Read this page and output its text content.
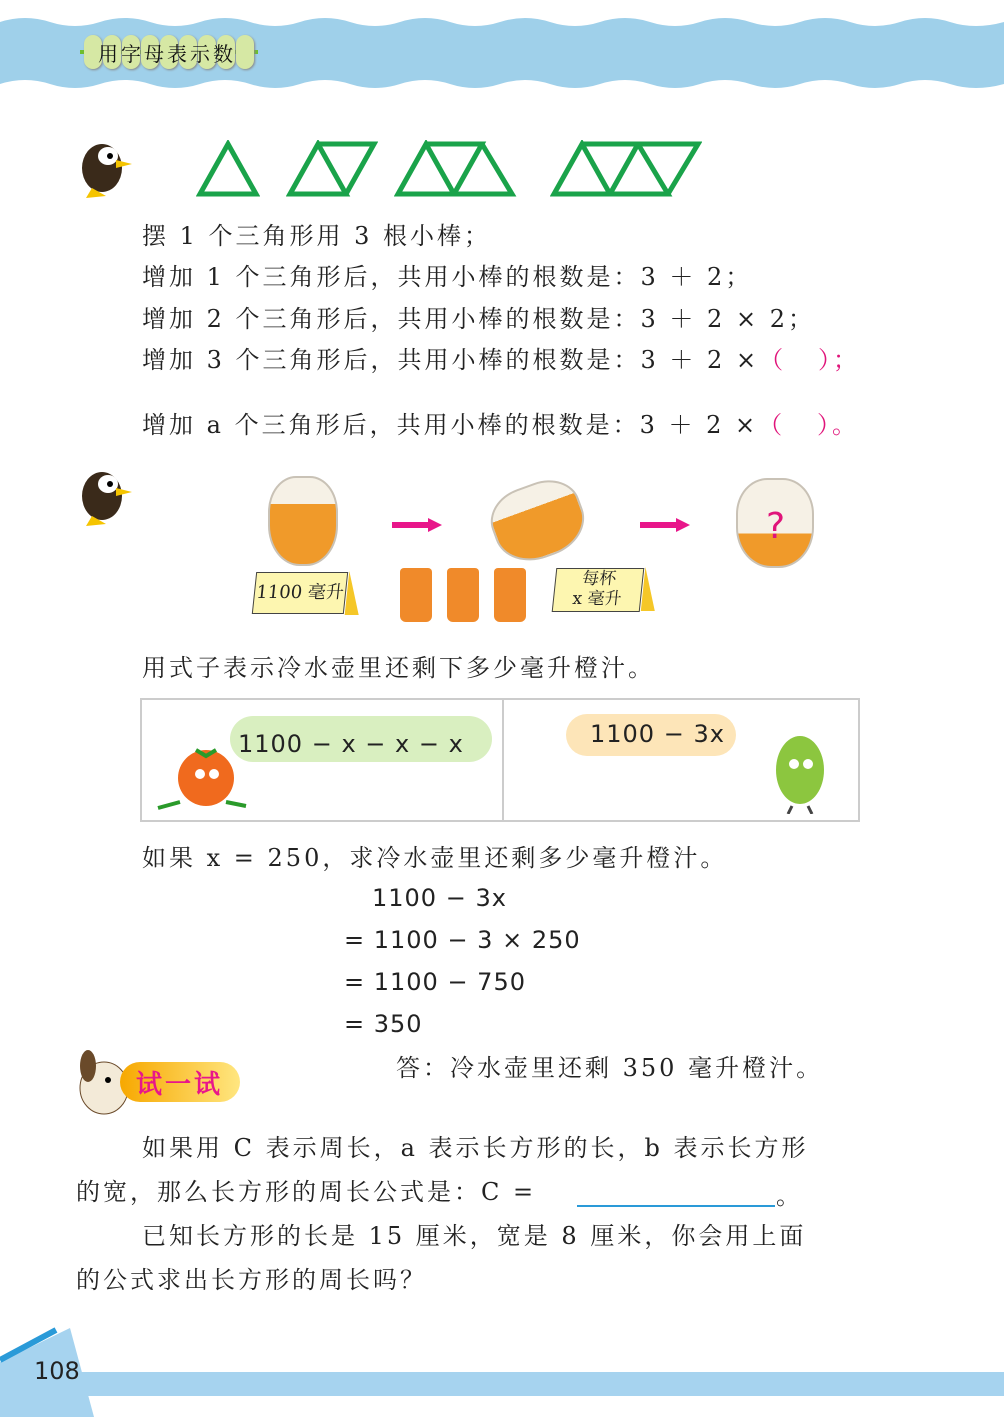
用字母表示数
摆 1 个三角形用 3 根小棒；
增加 1 个三角形后，共用小棒的根数是：3 ＋ 2；
增加 2 个三角形后，共用小棒的根数是：3 ＋ 2 × 2；
增加 3 个三角形后，共用小棒的根数是：3 ＋ 2 ×（ ）；
增加 a 个三角形后，共用小棒的根数是：3 ＋ 2 ×（ ）。
?
1100 毫升
每杯
x 毫升
用式子表示冷水壶里还剩下多少毫升橙汁。
1100 − x − x − x	1100 − 3x
如果 x = 250，求冷水壶里还剩多少毫升橙汁。
1100 − 3x
= 1100 − 3 × 250
= 1100 − 750
= 350
答：冷水壶里还剩 350 毫升橙汁。
试一试
如果用 C 表示周长，a 表示长方形的长，b 表示长方形
的宽，那么长方形的周长公式是：C =	。
已知长方形的长是 15 厘米，宽是 8 厘米，你会用上面
的公式求出长方形的周长吗？
108
